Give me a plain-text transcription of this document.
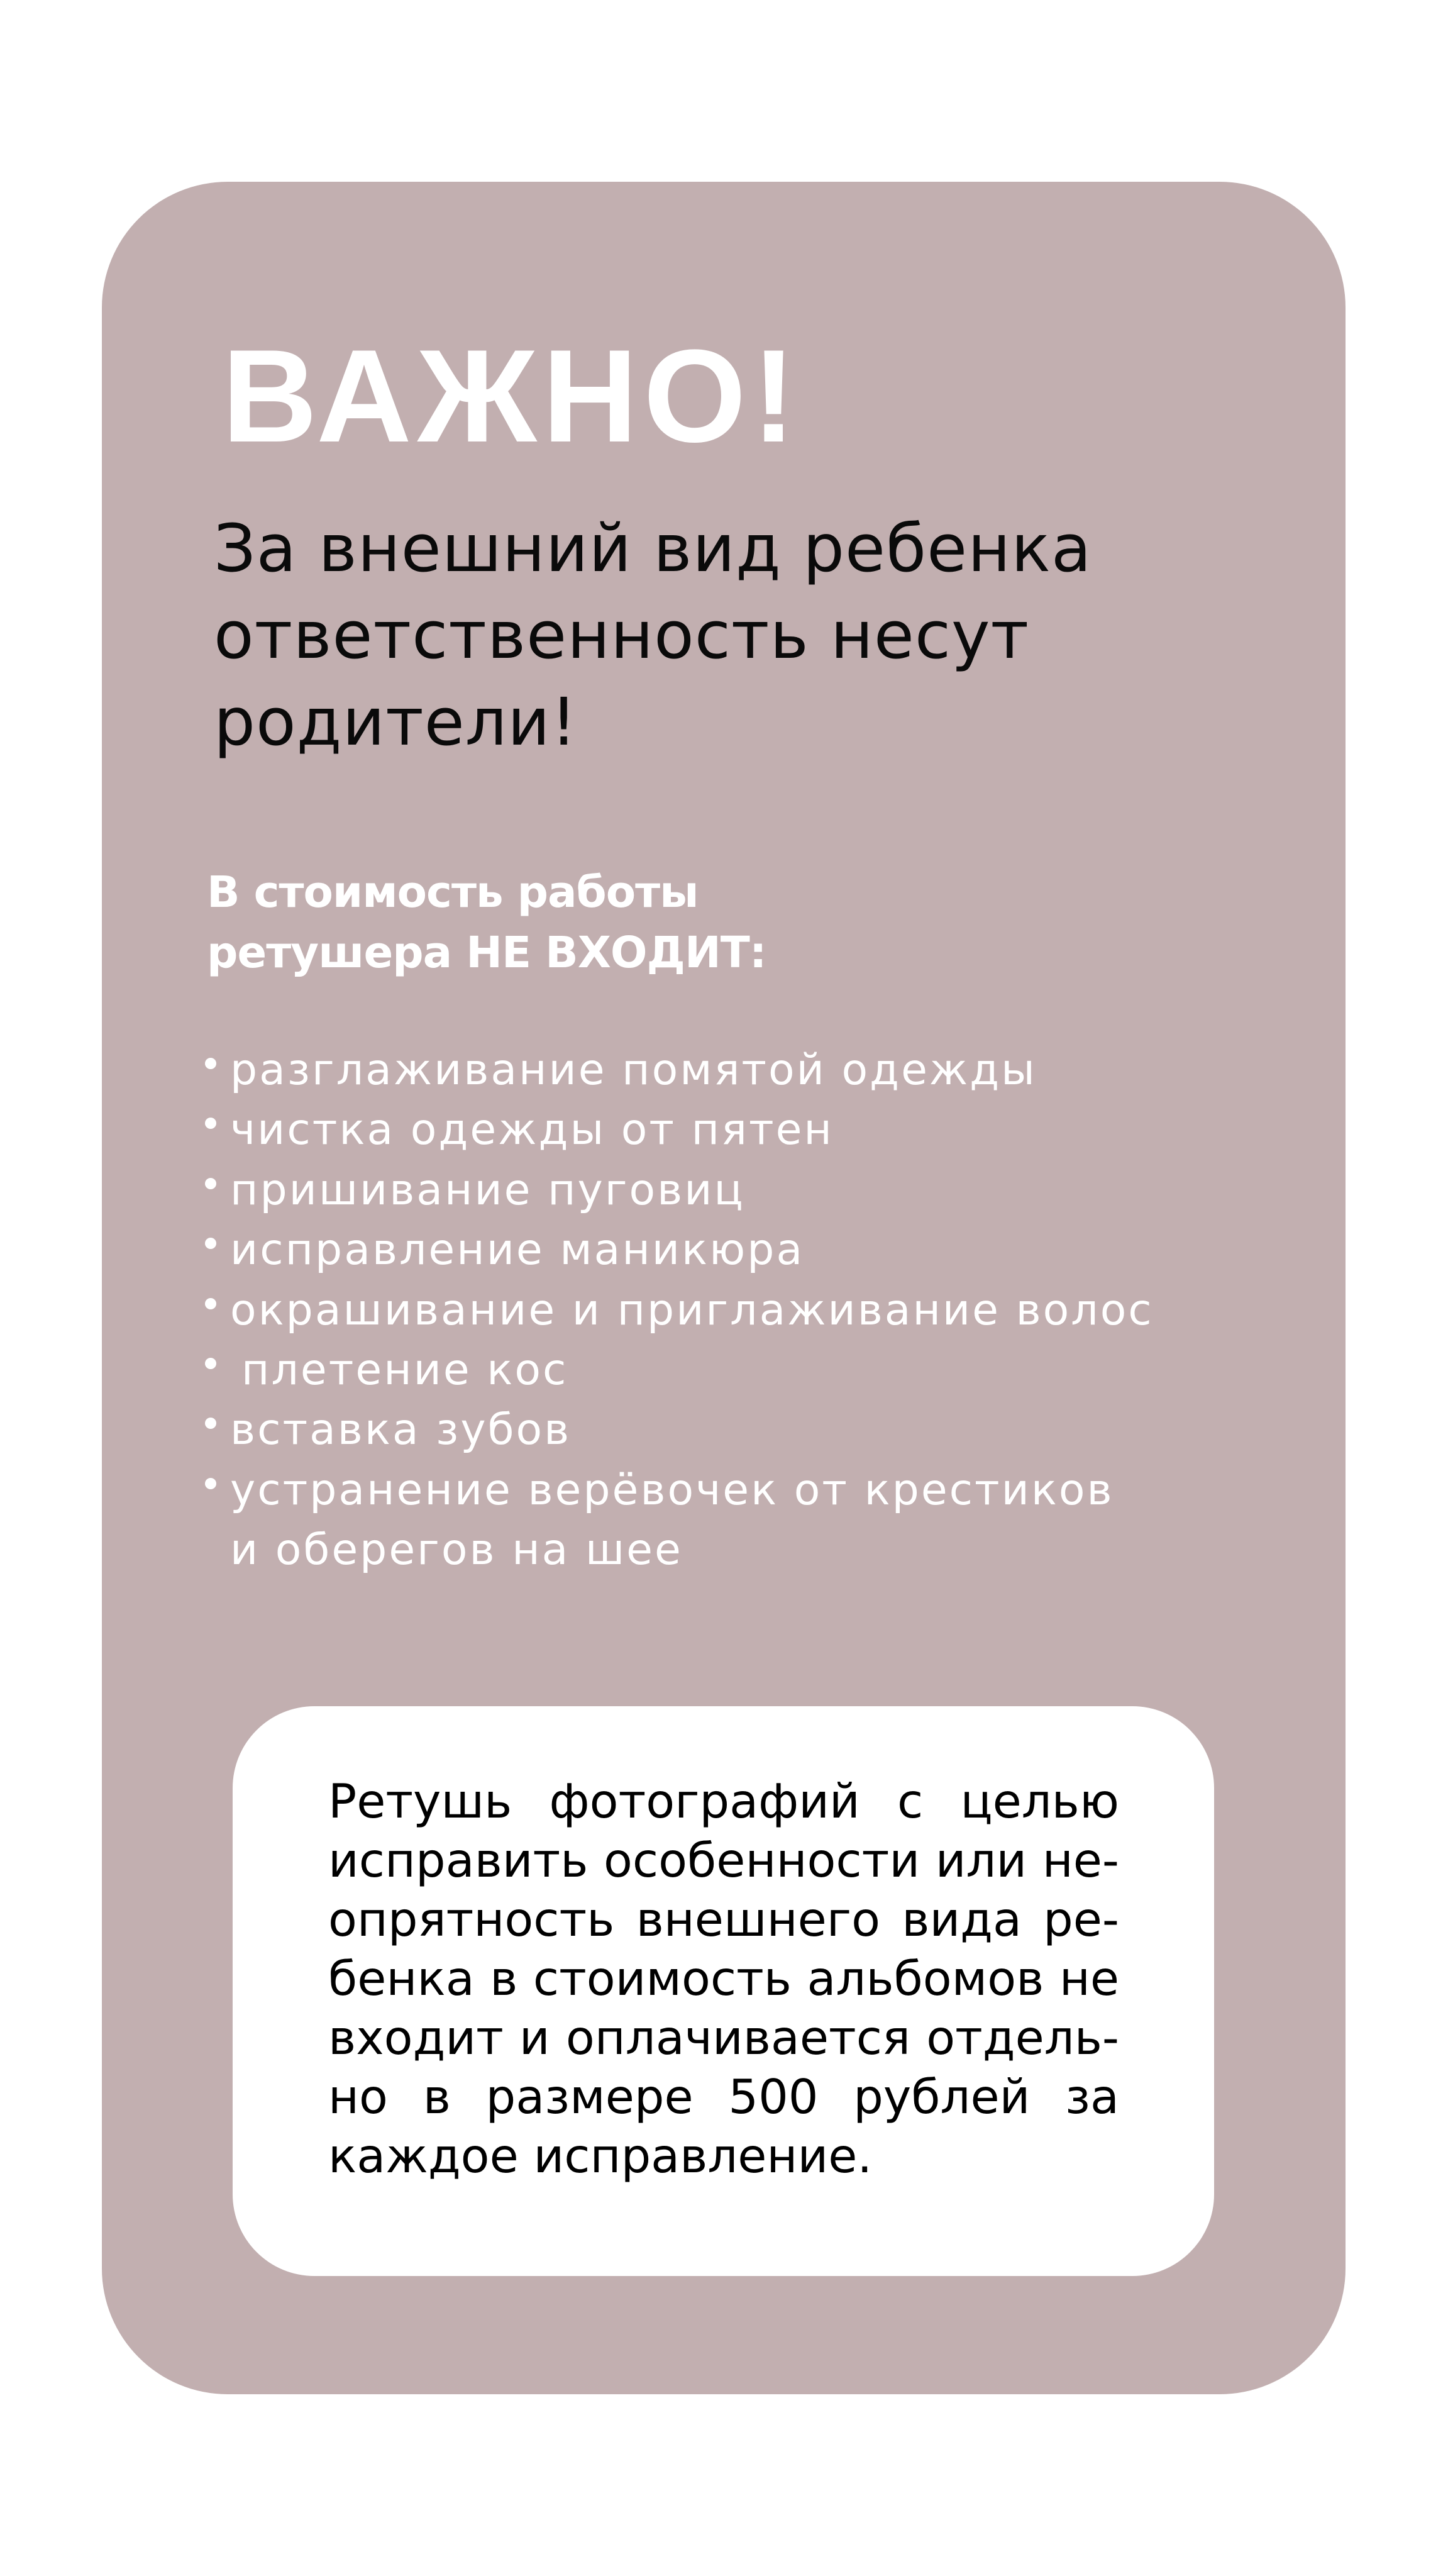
ВАЖНО!

За внешний вид ребенка
ответственность несут
родители!

В стоимость работы
ретушера НЕ ВХОДИТ:
разглаживание помятой одежды
чистка одежды от пятен
пришивание пуговиц
исправление маникюра
окрашивание и приглаживание волос
плетение кос
вставка зубов
устранение верёвочек от крестиков
и оберегов на шее

Ретушь фотографий с целью
исправить особенности или не-
опрятность внешнего вида ре-
бенка в стоимость альбомов не
входит и оплачивается отдель-
но в размере 500 рублей за
каждое исправление.
